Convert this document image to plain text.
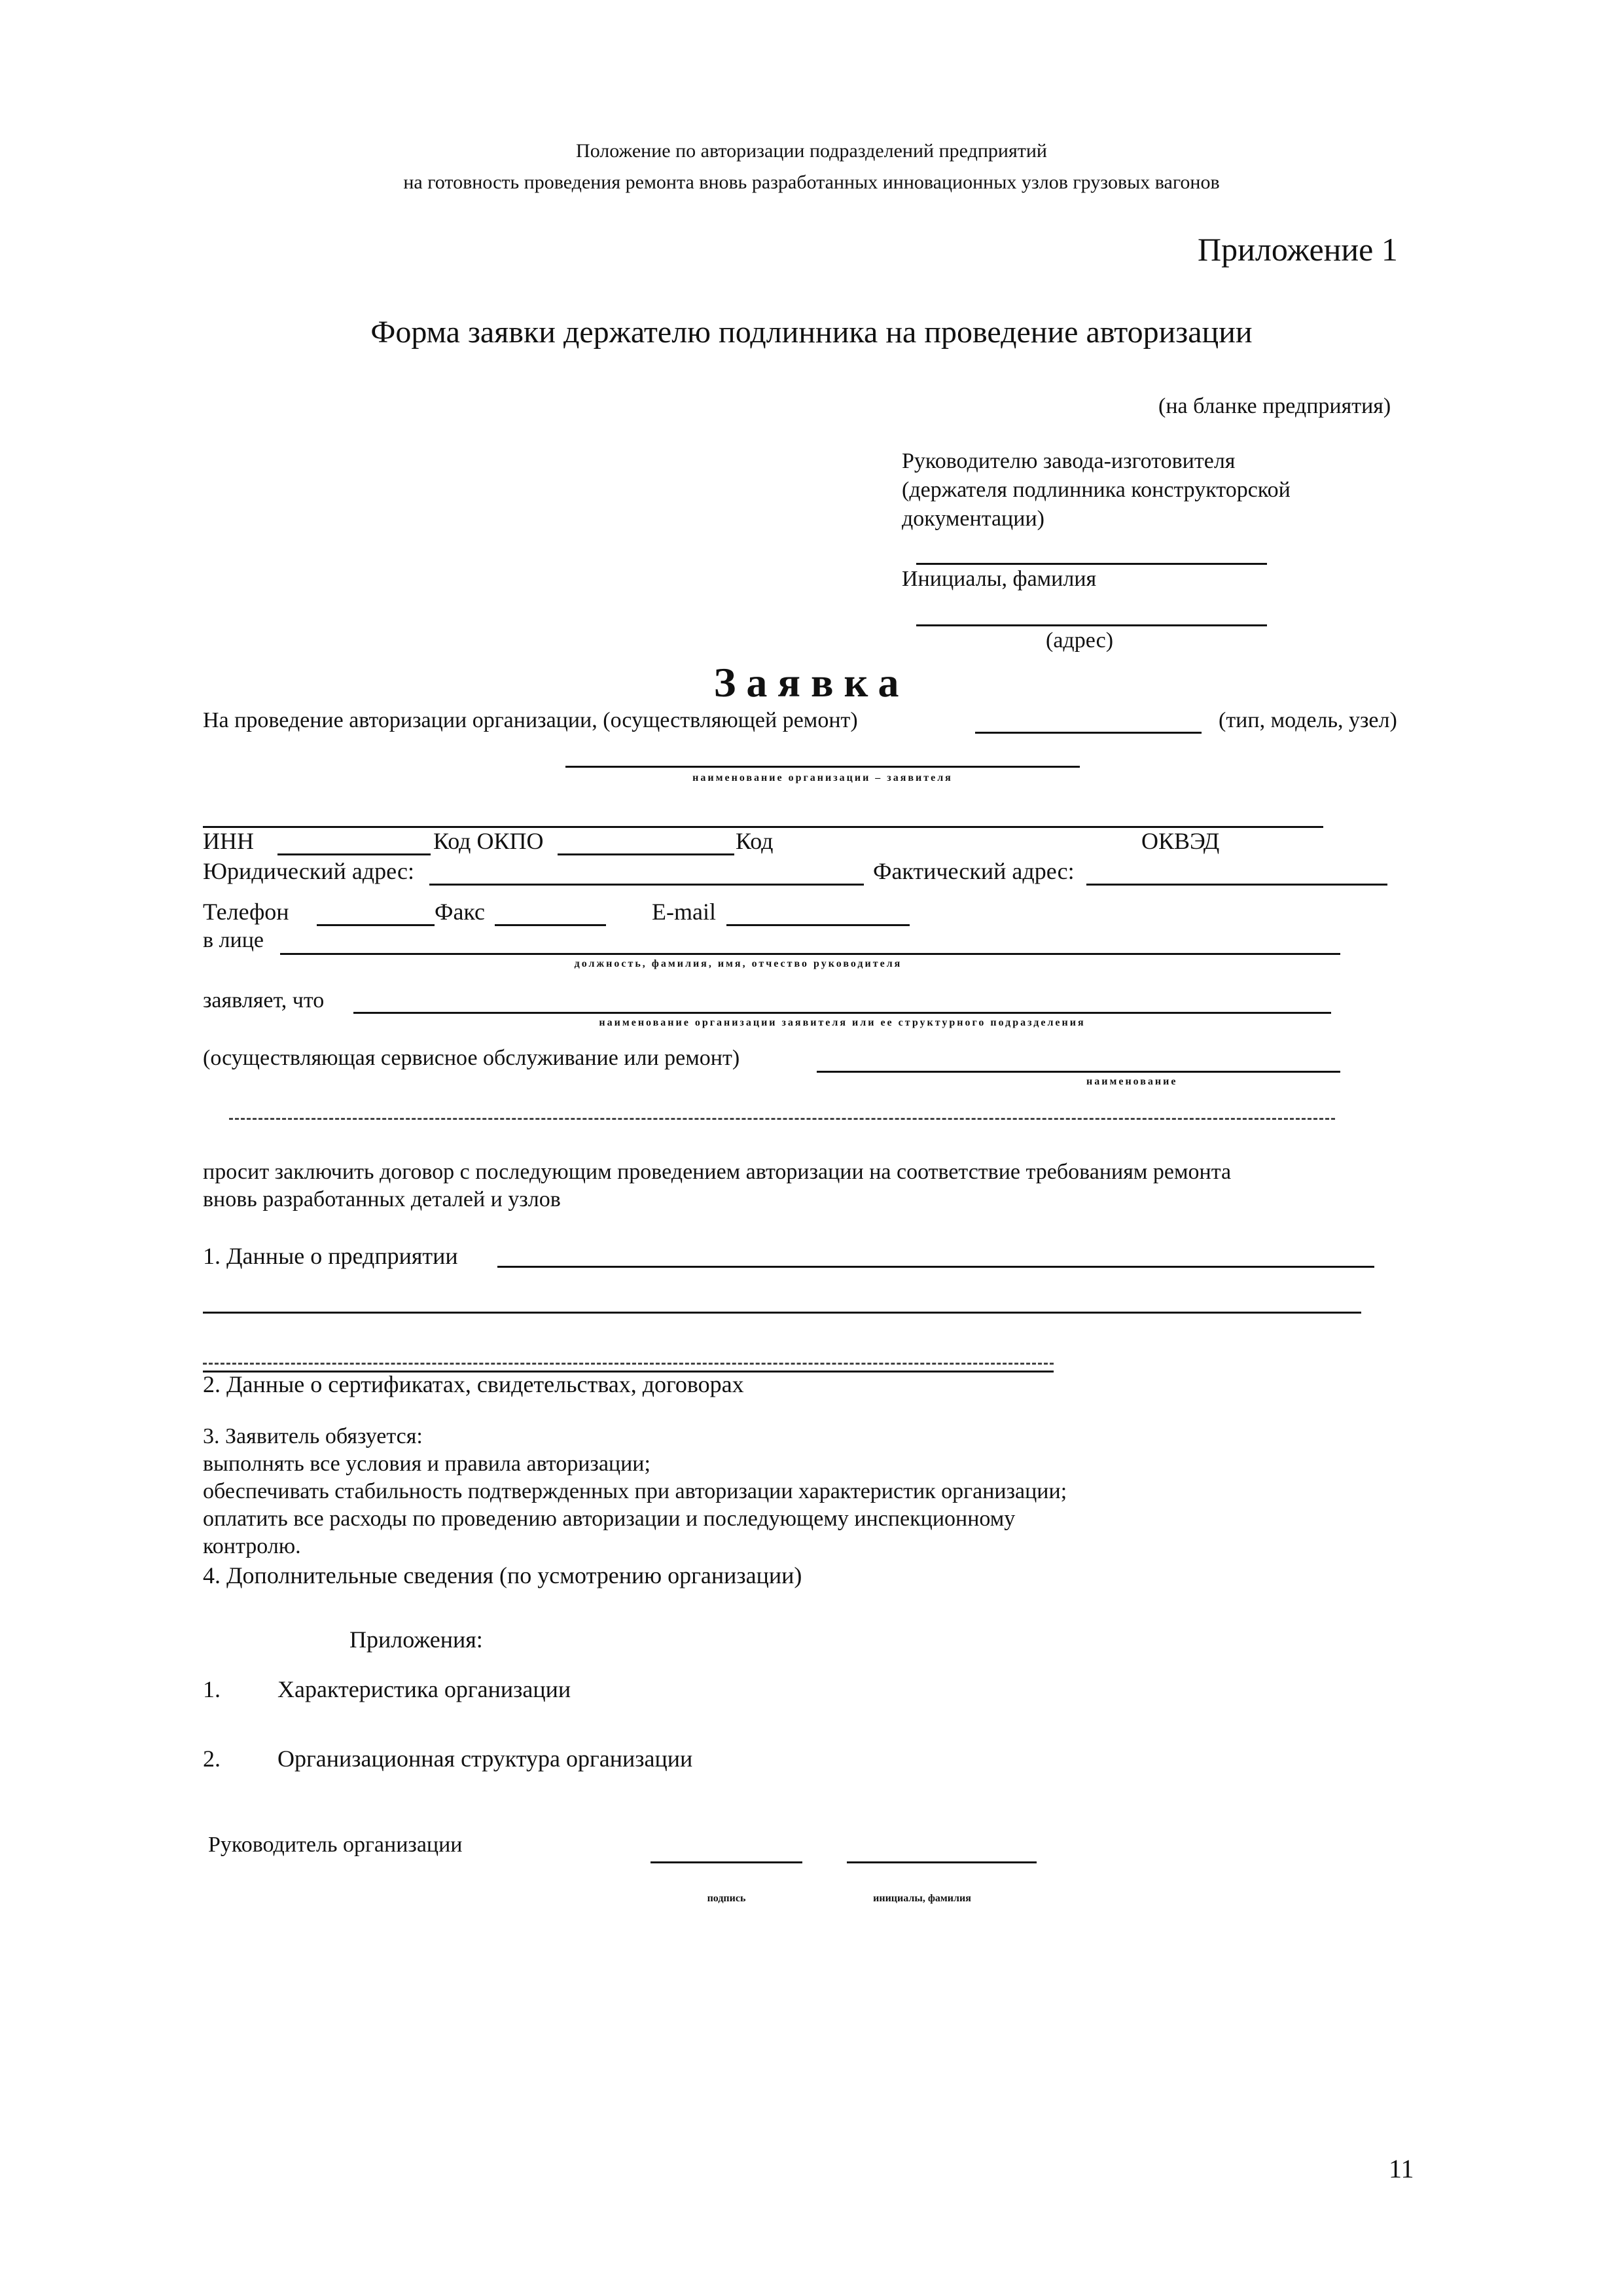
Положение по авторизации подразделений предприятий
на готовность проведения ремонта вновь разработанных инновационных узлов грузовых вагонов
Приложение 1
Форма заявки держателю подлинника на проведение авторизации
(на бланке предприятия)
Руководителю завода-изготовителя
(держателя подлинника конструкторской
документации)
Инициалы, фамилия
(адрес)
Заявка
На проведение авторизации организации, (осуществляющей ремонт)	(тип, модель, узел)
наименование организации – заявителя
ИНН	Код ОКПО	Код	ОКВЭД
Юридический адрес:	Фактический адрес:
Телефон	Факс	E-mail
в лице
должность, фамилия, имя, отчество руководителя
заявляет, что
наименование организации заявителя или ее структурного подразделения
(осуществляющая сервисное обслуживание или ремонт)
наименование
просит заключить договор с последующим проведением авторизации на соответствие требованиям ремонта
вновь разработанных деталей и узлов
1. Данные о предприятии
2. Данные о сертификатах, свидетельствах, договорах
3. Заявитель обязуется:
выполнять все условия и правила авторизации;
обеспечивать стабильность подтвержденных при авторизации характеристик организации;
оплатить все расходы по проведению авторизации и последующему инспекционному
контролю.
4. Дополнительные сведения (по усмотрению организации)
Приложения:
1. Характеристика организации
2. Организационная структура организации
Руководитель организации
подпись	инициалы, фамилия
11
